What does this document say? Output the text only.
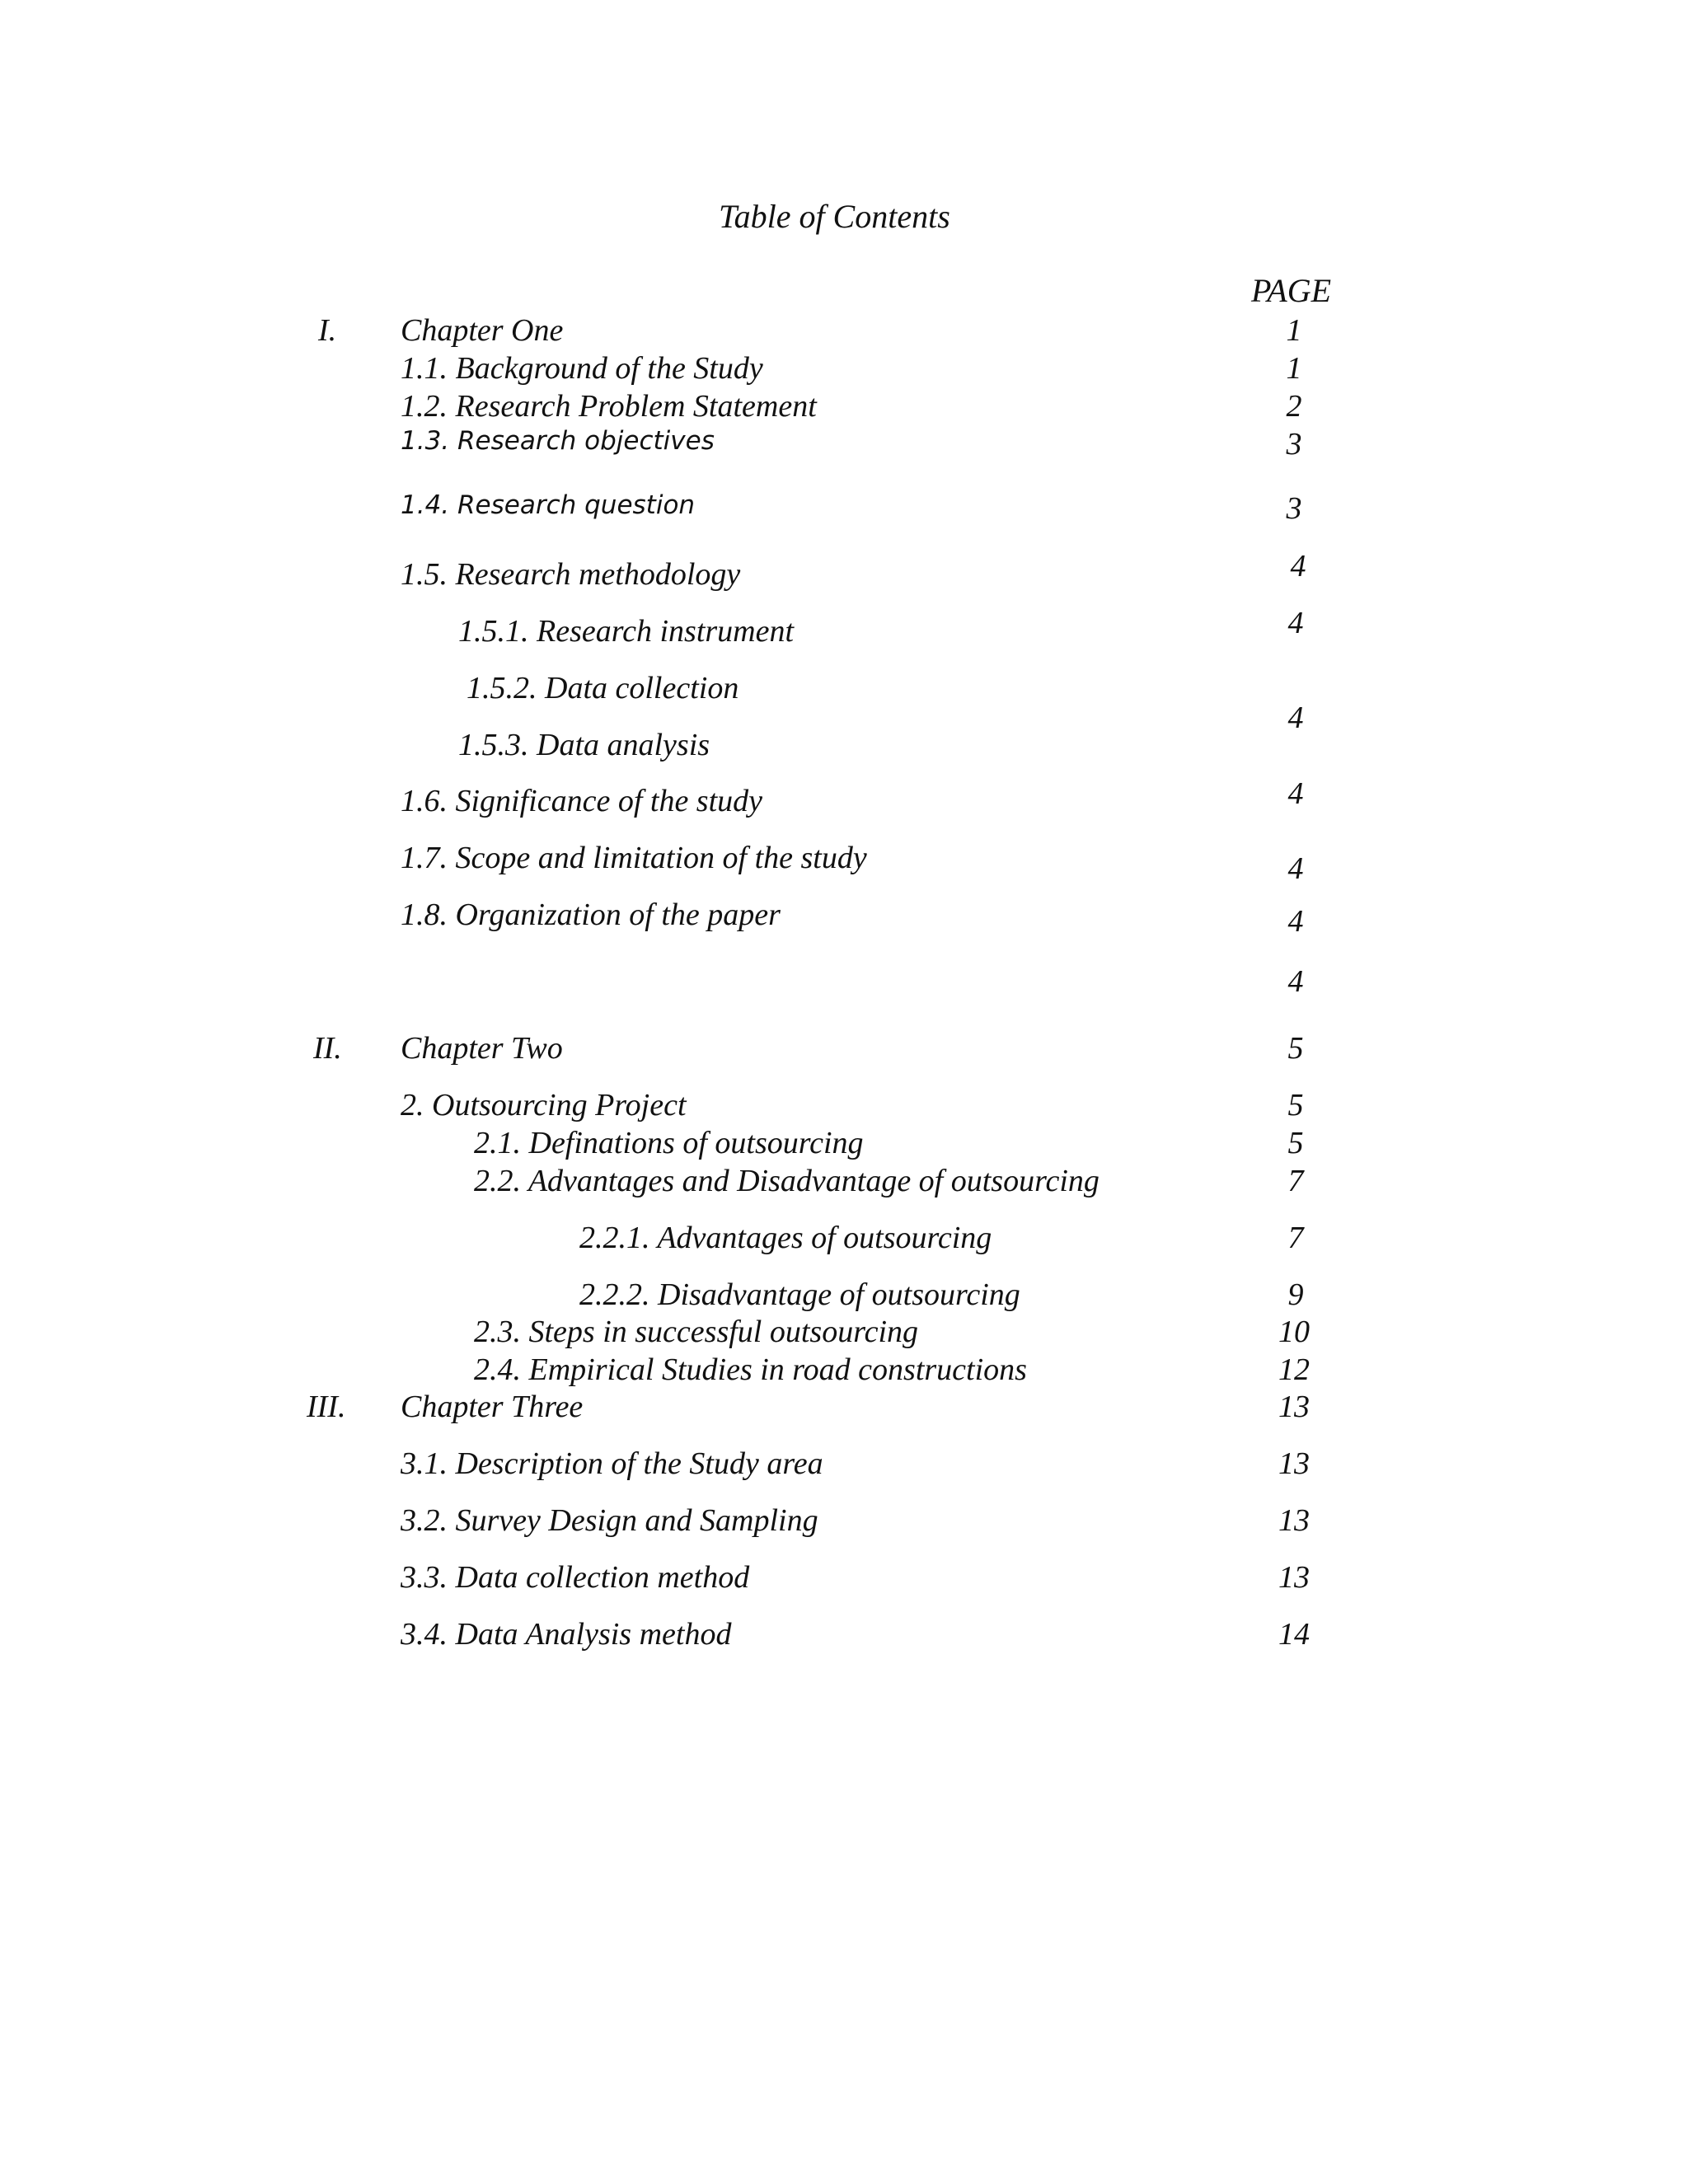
Table of Contents
PAGE
I.
II.
III.
Chapter One
1.1. Background of the Study
1.2. Research Problem Statement
1.3. Research objectives
1.4. Research question
1.5. Research methodology
1.5.1. Research instrument
1.5.2. Data collection
1.5.3. Data analysis
1.6. Significance of the study
1.7. Scope and limitation of the study
1.8. Organization of the paper
Chapter Two
2. Outsourcing Project
2.1. Definations of outsourcing
2.2. Advantages and Disadvantage of outsourcing
2.2.1. Advantages of outsourcing
2.2.2. Disadvantage of outsourcing
2.3. Steps in successful outsourcing
2.4. Empirical Studies in road constructions
Chapter Three
3.1. Description of the Study area
3.2. Survey Design and Sampling
3.3. Data collection method
3.4. Data Analysis method
1
1
2
3
3
4
4
4
4
4
4
4
5
5
5
7
7
9
10
12
13
13
13
13
14
